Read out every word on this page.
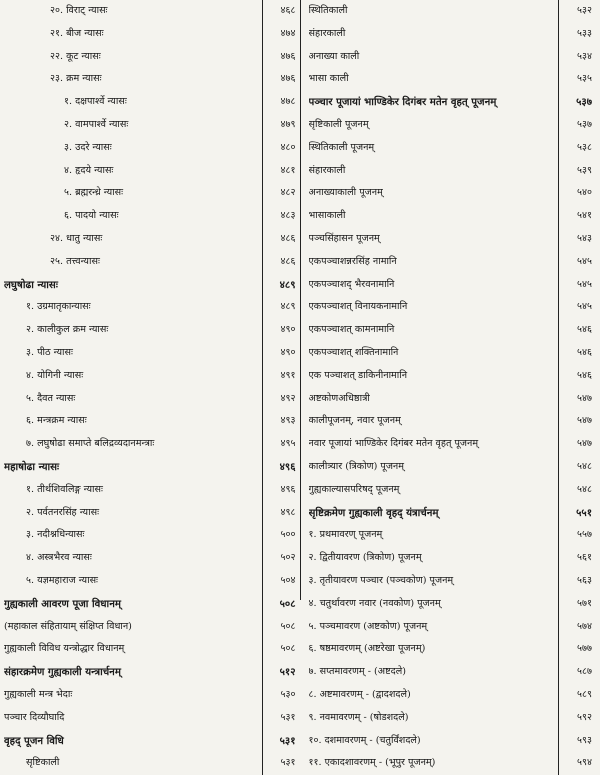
२०. विराट् न्यासः	४६८
२१. बीज न्यासः	४७४
२२. कूट न्यासः	४७६
२३. क्रम न्यासः	४७६
१. दक्षपार्श्वे न्यासः	४७८
२. वामपार्श्वे न्यासः	४७९
३. उदरे न्यासः	४८०
४. हृदये न्यासः	४८१
५. ब्रह्मरन्ध्रे न्यासः	४८२
६. पादयो न्यासः	४८३
२४. धातु न्यासः	४८६
२५. तत्त्वन्यासः	४८६
लघुषोढा न्यासः	४८९
१. उग्रमातृकान्यासः	४८९
२. कालीकुल क्रम न्यासः	४९०
३. पीठ न्यासः	४९०
४. योगिनी न्यासः	४९१
५. दैवत न्यासः	४९२
६. मन्त्रक्रम न्यासः	४९३
७. लघुषोढा समाप्ते बलिद्रव्यदानमन्त्राः	४९५
महाषोढा न्यासः	४९६
१. तीर्थशिवलिङ्ग न्यासः	४९६
२. पर्वतनरसिंह न्यासः	४९८
३. नदीश्नधिन्यासः	५००
४. अस्त्रभैरव न्यासः	५०२
५. यज्ञमहाराज न्यासः	५०४
गुह्यकाली आवरण पूजा विधानम्	५०८
(महाकाल संहितायाम् संक्षिप्त विधान)	५०८
गुह्यकाली विविध यन्त्रोद्धार विधानम्	५०८
संहारक्रमेण गुह्यकाली यन्त्रार्चनम्	५१२
गुह्यकाली मन्त्र भेदाः	५३०
पञ्चार दिव्यौघादि	५३१
वृहद् पूजन विधि	५३१
सृष्टिकाली	५३१
स्थितिकाली	५३२
संहारकाली	५३३
अनाख्या काली	५३४
भासा काली	५३५
पञ्चार पूजायां भाण्डिकेर दिगंबर मतेन वृहत् पूजनम्	५३७
सृष्टिकाली पूजनम्	५३७
स्थितिकाली पूजनम्	५३८
संहारकाली	५३९
अनाख्याकाली पूजनम्	५४०
भासाकाली	५४१
पञ्चसिंहासन पूजनम्	५४३
एकपञ्चाशन्नरसिंह नामानि	५४५
एकपञ्चाशद् भैरवनामानि	५४५
एकपञ्चाशत् विनायकनामानि	५४५
एकपञ्चाशत् कामनामानि	५४६
एकपञ्चाशत् शक्तिनामानि	५४६
एक पञ्चाशत् डाकिनीनामानि	५४६
अष्टकोणअधिष्ठात्री	५४७
कालीपूजनम्, नवार पूजनम्	५४७
नवार पूजायां भाण्डिकेर दिगंबर मतेन वृहत् पूजनम्	५४७
कालीत्र्यार (त्रिकोण) पूजनम्	५४८
गुह्यकाल्यासपरिषद् पूजनम्	५४८
सृष्टिक्रमेण गुह्यकाली वृहद् यंत्रार्चनम्	५५१
१. प्रथमावरण् पूजनम्	५५७
२. द्वितीयावरण (त्रिकोण) पूजनम्	५६१
३. तृतीयावरण पञ्चार (पञ्चकोण) पूजनम्	५६३
४. चतुर्थावरण नवार (नवकोण) पूजनम्	५७१
५. पञ्चमावरण (अष्टकोण) पूजनम्	५७४
६. षष्ठमावरणम् (अष्टरेखा पूजनम्)	५७७
७. सप्तमावरणम् - (अष्टदले)	५८७
८. अष्टमावरणम् - (द्वादशदले)	५८९
९. नवमावरणम् - (षोडशदले)	५९२
१०. दशमावरणम् - (चतुर्विंशदले)	५९३
११. एकादशावरणम् - (भूपुर पूजनम्)	५९४
